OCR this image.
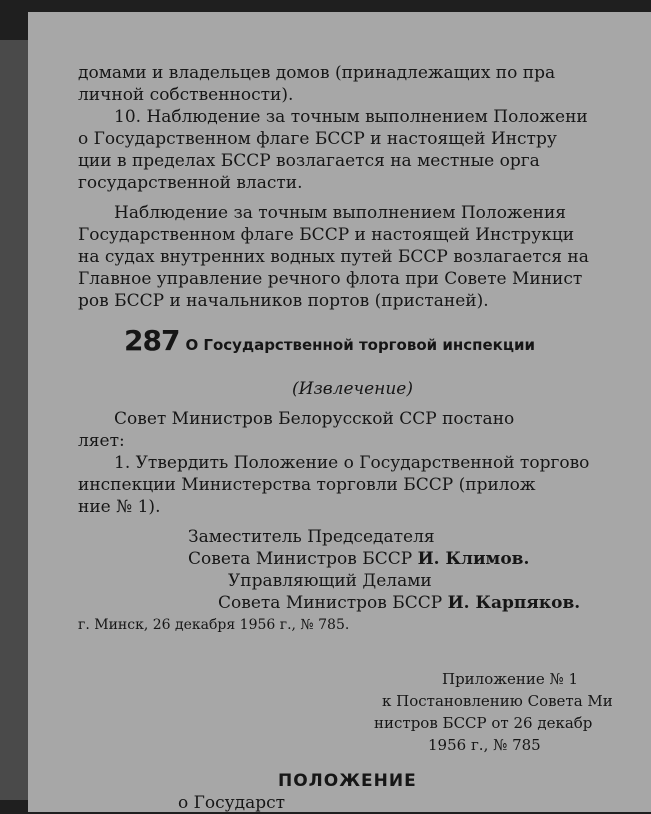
домами и владельцев домов (принадлежащих по пра
личной собственности).
10. Наблюдение за точным выполнением Положени
о Государственном флаге БССР и настоящей Инстру
ции в пределах БССР возлагается на местные орга
государственной власти.
Наблюдение за точным выполнением Положения
Государственном флаге БССР и настоящей Инструкци
на судах внутренних водных путей БССР возлагается на
Главное управление речного флота при Совете Минист
ров БССР и начальников портов (пристаней).
287 О Государственной торговой инспекции
(Извлечение)
Совет Министров Белорусской ССР постано
ляет:
1. Утвердить Положение о Государственной торгово
инспекции Министерства торговли БССР (прилож
ние № 1).
Заместитель Председателя
Совета Министров БССР И. Климов.
Управляющий Делами
Совета Министров БССР И. Карпяков.
г. Минск, 26 декабря 1956 г., № 785.
Приложение № 1
к Постановлению Совета Ми
нистров БССР от 26 декабр
1956 г., № 785
ПОЛОЖЕНИЕ
о Государст
